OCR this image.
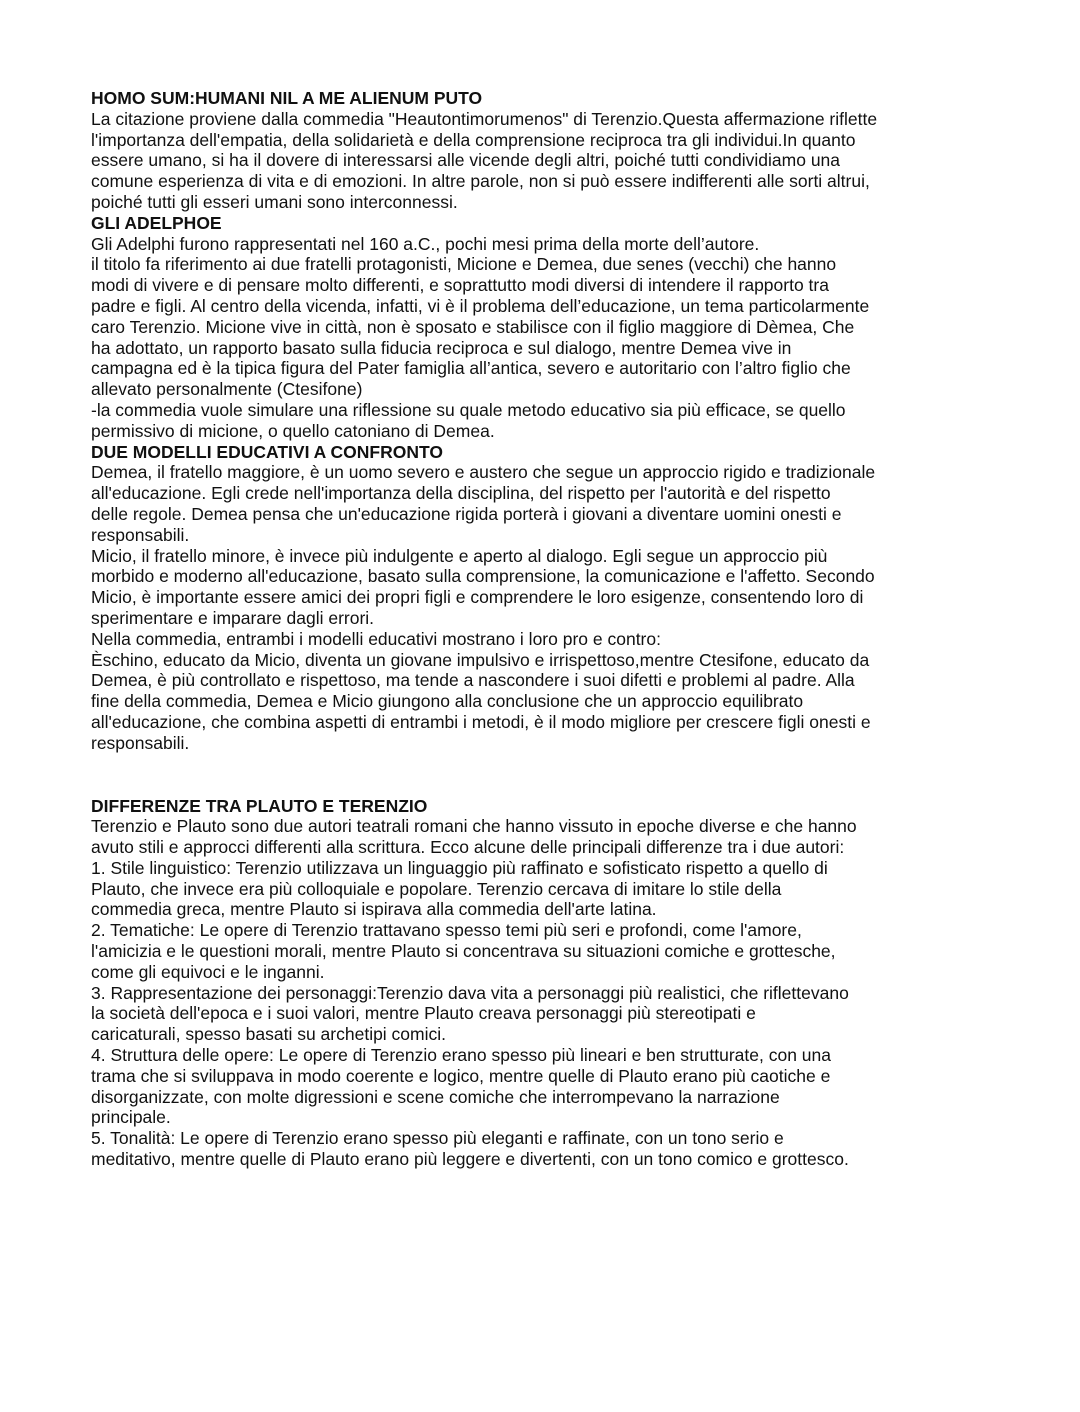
HOMO SUM:HUMANI NIL A ME ALIENUM PUTO

La citazione proviene dalla commedia "Heautontimorumenos" di Terenzio.Questa affermazione riflette

l'importanza dell'empatia, della solidarietà e della comprensione reciproca tra gli individui.In quanto

essere umano, si ha il dovere di interessarsi alle vicende degli altri, poiché tutti condividiamo una

comune esperienza di vita e di emozioni. In altre parole, non si può essere indifferenti alle sorti altrui,

poiché tutti gli esseri umani sono interconnessi.

GLI ADELPHOE

Gli Adelphi furono rappresentati nel 160 a.C., pochi mesi prima della morte dell’autore.

il titolo fa riferimento ai due fratelli protagonisti, Micione e Demea, due senes (vecchi) che hanno

modi di vivere e di pensare molto differenti, e soprattutto modi diversi di intendere il rapporto tra

padre e figli. Al centro della vicenda, infatti, vi è il problema dell’educazione, un tema particolarmente

caro Terenzio. Micione vive in città, non è sposato e stabilisce con il figlio maggiore di Dèmea, Che

ha adottato, un rapporto basato sulla fiducia reciproca e sul dialogo, mentre Demea vive in

campagna ed è la tipica figura del Pater famiglia all’antica, severo e autoritario con l’altro figlio che

allevato personalmente (Ctesifone)

-la commedia vuole simulare una riflessione su quale metodo educativo sia più efficace, se quello

permissivo di micione, o quello catoniano di Demea.

DUE MODELLI EDUCATIVI A CONFRONTO

Demea, il fratello maggiore, è un uomo severo e austero che segue un approccio rigido e tradizionale

all'educazione. Egli crede nell'importanza della disciplina, del rispetto per l'autorità e del rispetto

delle regole. Demea pensa che un'educazione rigida porterà i giovani a diventare uomini onesti e

responsabili.

Micio, il fratello minore, è invece più indulgente e aperto al dialogo. Egli segue un approccio più

morbido e moderno all'educazione, basato sulla comprensione, la comunicazione e l'affetto. Secondo

Micio, è importante essere amici dei propri figli e comprendere le loro esigenze, consentendo loro di

sperimentare e imparare dagli errori.

Nella commedia, entrambi i modelli educativi mostrano i loro pro e contro:

Èschino, educato da Micio, diventa un giovane impulsivo e irrispettoso,mentre Ctesifone, educato da

Demea, è più controllato e rispettoso, ma tende a nascondere i suoi difetti e problemi al padre. Alla

fine della commedia, Demea e Micio giungono alla conclusione che un approccio equilibrato

all'educazione, che combina aspetti di entrambi i metodi, è il modo migliore per crescere figli onesti e

responsabili.

DIFFERENZE TRA PLAUTO E TERENZIO

Terenzio e Plauto sono due autori teatrali romani che hanno vissuto in epoche diverse e che hanno

avuto stili e approcci differenti alla scrittura. Ecco alcune delle principali differenze tra i due autori:

1. Stile linguistico: Terenzio utilizzava un linguaggio più raffinato e sofisticato rispetto a quello di

Plauto, che invece era più colloquiale e popolare. Terenzio cercava di imitare lo stile della

commedia greca, mentre Plauto si ispirava alla commedia dell'arte latina.

2. Tematiche: Le opere di Terenzio trattavano spesso temi più seri e profondi, come l'amore,

l'amicizia e le questioni morali, mentre Plauto si concentrava su situazioni comiche e grottesche,

come gli equivoci e le inganni.

3. Rappresentazione dei personaggi:Terenzio dava vita a personaggi più realistici, che riflettevano

la società dell'epoca e i suoi valori, mentre Plauto creava personaggi più stereotipati e

caricaturali, spesso basati su archetipi comici.

4. Struttura delle opere: Le opere di Terenzio erano spesso più lineari e ben strutturate, con una

trama che si sviluppava in modo coerente e logico, mentre quelle di Plauto erano più caotiche e

disorganizzate, con molte digressioni e scene comiche che interrompevano la narrazione

principale.

5. Tonalità: Le opere di Terenzio erano spesso più eleganti e raffinate, con un tono serio e

meditativo, mentre quelle di Plauto erano più leggere e divertenti, con un tono comico e grottesco.
